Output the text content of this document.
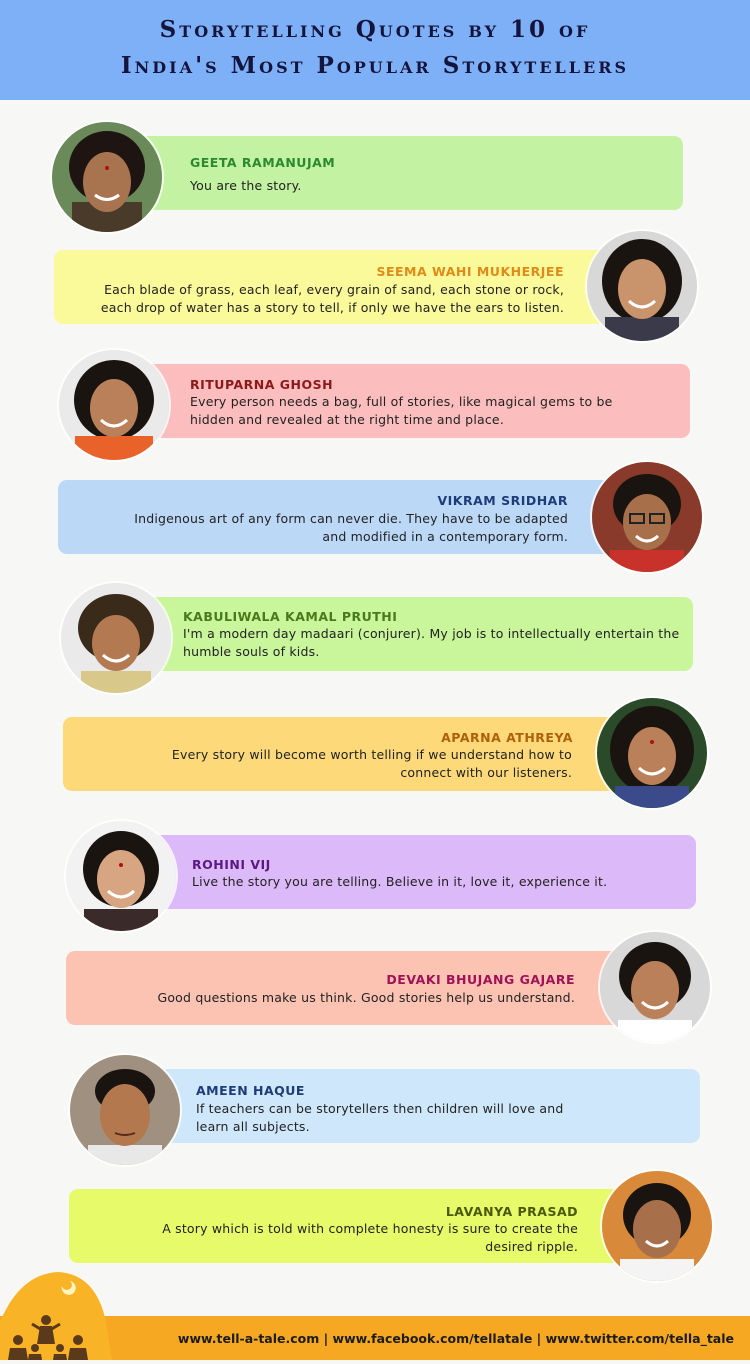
Storytelling Quotes by 10 of
India's Most Popular Storytellers
GEETA RAMANUJAM
You are the story.
SEEMA WAHI MUKHERJEE
Each blade of grass, each leaf, every grain of sand, each stone or rock, each drop of water has a story to tell, if only we have the ears to listen.
RITUPARNA GHOSH
Every person needs a bag, full of stories, like magical gems to be hidden and revealed at the right time and place.
VIKRAM SRIDHAR
Indigenous art of any form can never die. They have to be adapted and modified in a contemporary form.
KABULIWALA KAMAL PRUTHI
I'm a modern day madaari (conjurer). My job is to intellectually entertain the humble souls of kids.
APARNA ATHREYA
Every story will become worth telling if we understand how to connect with our listeners.
ROHINI VIJ
Live the story you are telling. Believe in it, love it, experience it.
DEVAKI BHUJANG GAJARE
Good questions make us think. Good stories help us understand.
AMEEN HAQUE
If teachers can be storytellers then children will love and learn all subjects.
LAVANYA PRASAD
A story which is told with complete honesty is sure to create the desired ripple.
www.tell-a-tale.com | www.facebook.com/tellatale | www.twitter.com/tella_tale
